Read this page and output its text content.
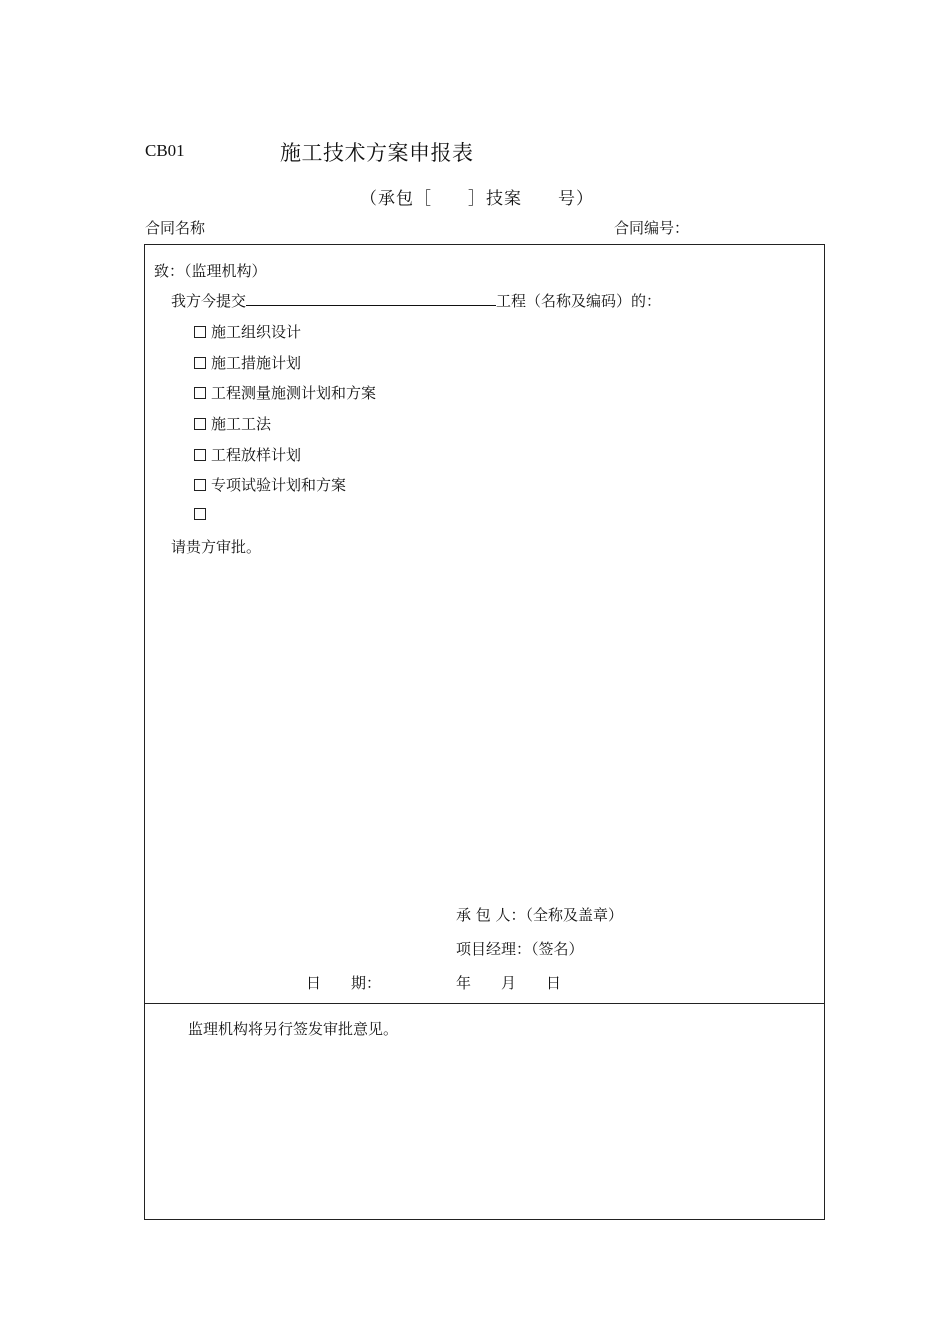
CB01	施工技术方案申报表
（承包［　　］技案　　号）
合同名称	合同编号：
致：（监理机构）
我方今提交	工程（名称及编码）的：
施工组织设计
施工措施计划
工程测量施测计划和方案
施工工法
工程放样计划
专项试验计划和方案
请贵方审批。
承 包 人：（全称及盖章）
项目经理：（签名）
日　　期：	年　　月　　日
监理机构将另行签发审批意见。
